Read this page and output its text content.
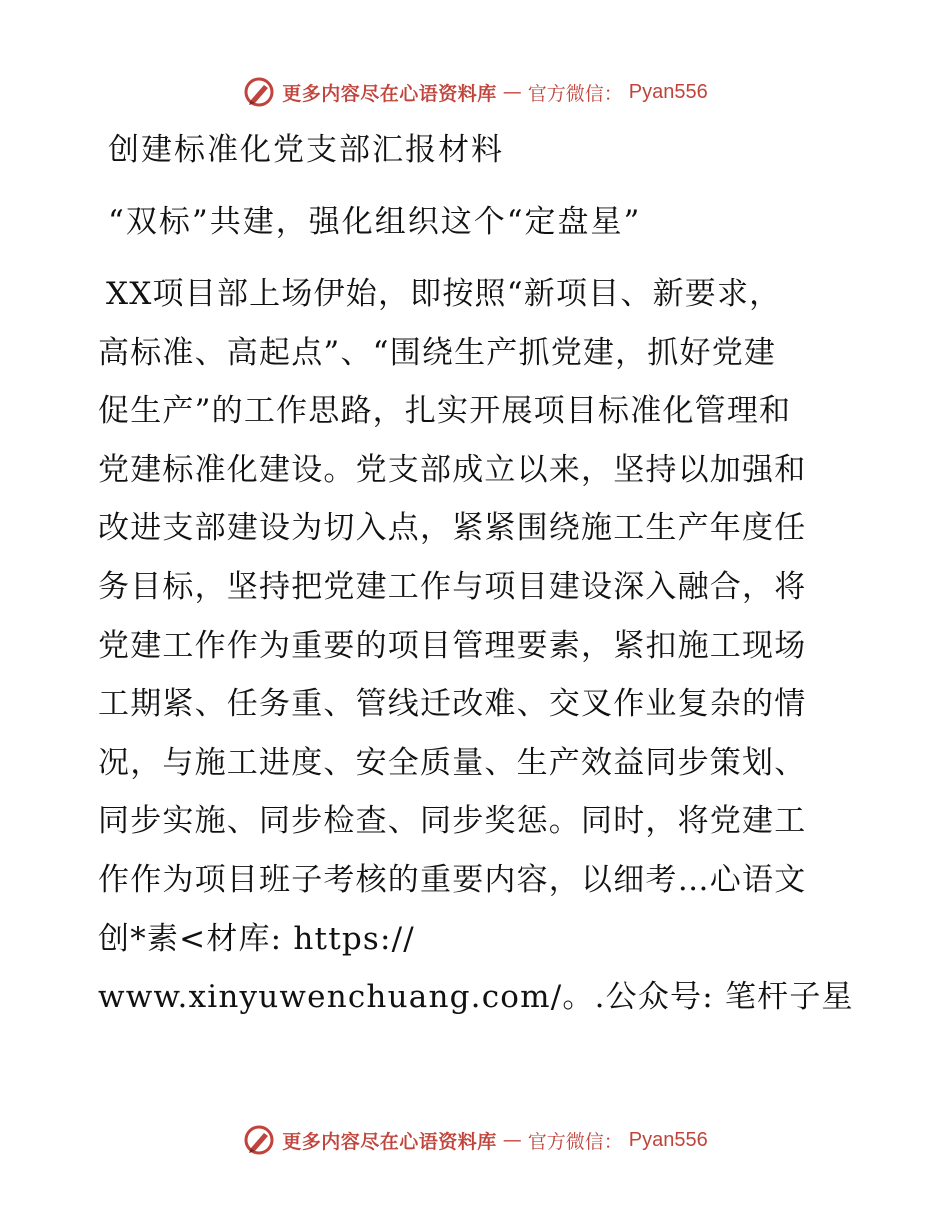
更多内容尽在心语资料库 — 官方微信： Pyan556
创建标准化党支部汇报材料
“双标”共建，强化组织这个“定盘星”
XX项目部上场伊始，即按照“新项目、新要求，
高标准、高起点”、“围绕生产抓党建，抓好党建
促生产”的工作思路，扎实开展项目标准化管理和
党建标准化建设。党支部成立以来，坚持以加强和
改进支部建设为切入点，紧紧围绕施工生产年度任
务目标，坚持把党建工作与项目建设深入融合，将
党建工作作为重要的项目管理要素，紧扣施工现场
工期紧、任务重、管线迁改难、交叉作业复杂的情
况，与施工进度、安全质量、生产效益同步策划、
同步实施、同步检查、同步奖惩。同时，将党建工
作作为项目班子考核的重要内容，以细考…心语文
创*素<材库: https://
www.xinyuwenchuang.com/。.公众号: 笔杆子星
更多内容尽在心语资料库 — 官方微信： Pyan556
